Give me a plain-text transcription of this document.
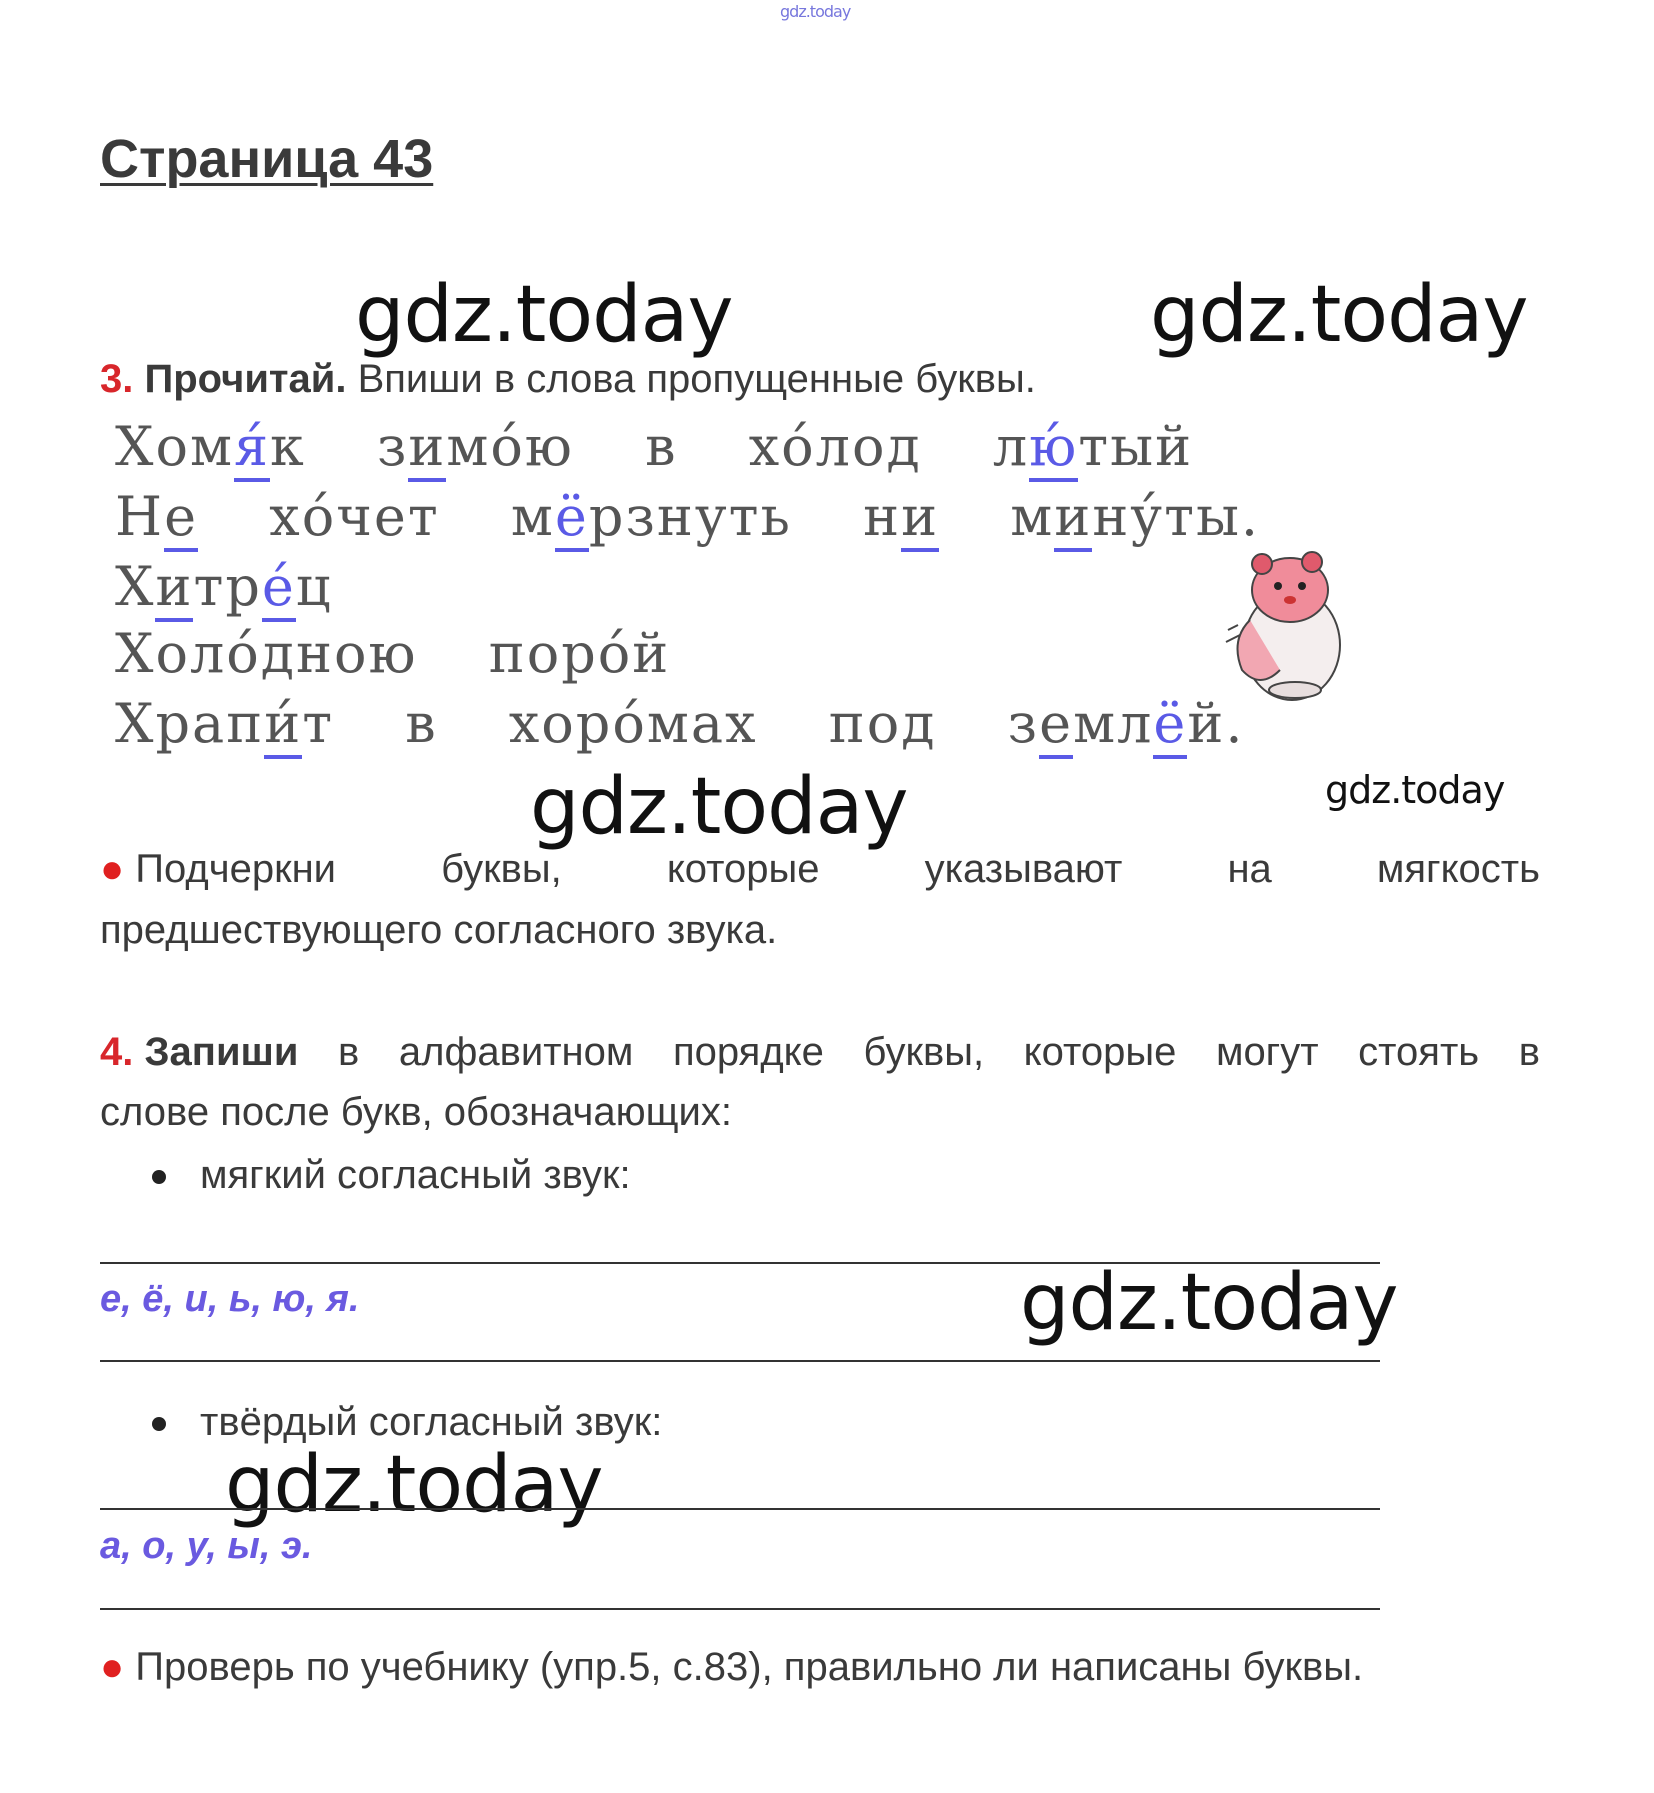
gdz.today
Страница 43
gdz.today	gdz.today
3. Прочитай. Впиши в слова пропущенные буквы.
Хомя́к зимо́ю в хо́лод лю́тый
Не хо́чет мёрзнуть ни мину́ты.
Хитре́ц
Холо́дною поро́й
Храпи́т в хоро́мах под землёй.
gdz.today	gdz.today
● Подчеркни	буквы,	которые	указывают	на	мягкость
предшествующего согласного звука.
4. Запиши в алфавитном порядке буквы, которые могут стоять в
слове после букв, обозначающих:
мягкий согласный звук:
е, ё, и, ь, ю, я.	gdz.today
твёрдый согласный звук:
gdz.today
а, о, у, ы, э.
● Проверь по учебнику (упр.5, с.83), правильно ли написаны буквы.
